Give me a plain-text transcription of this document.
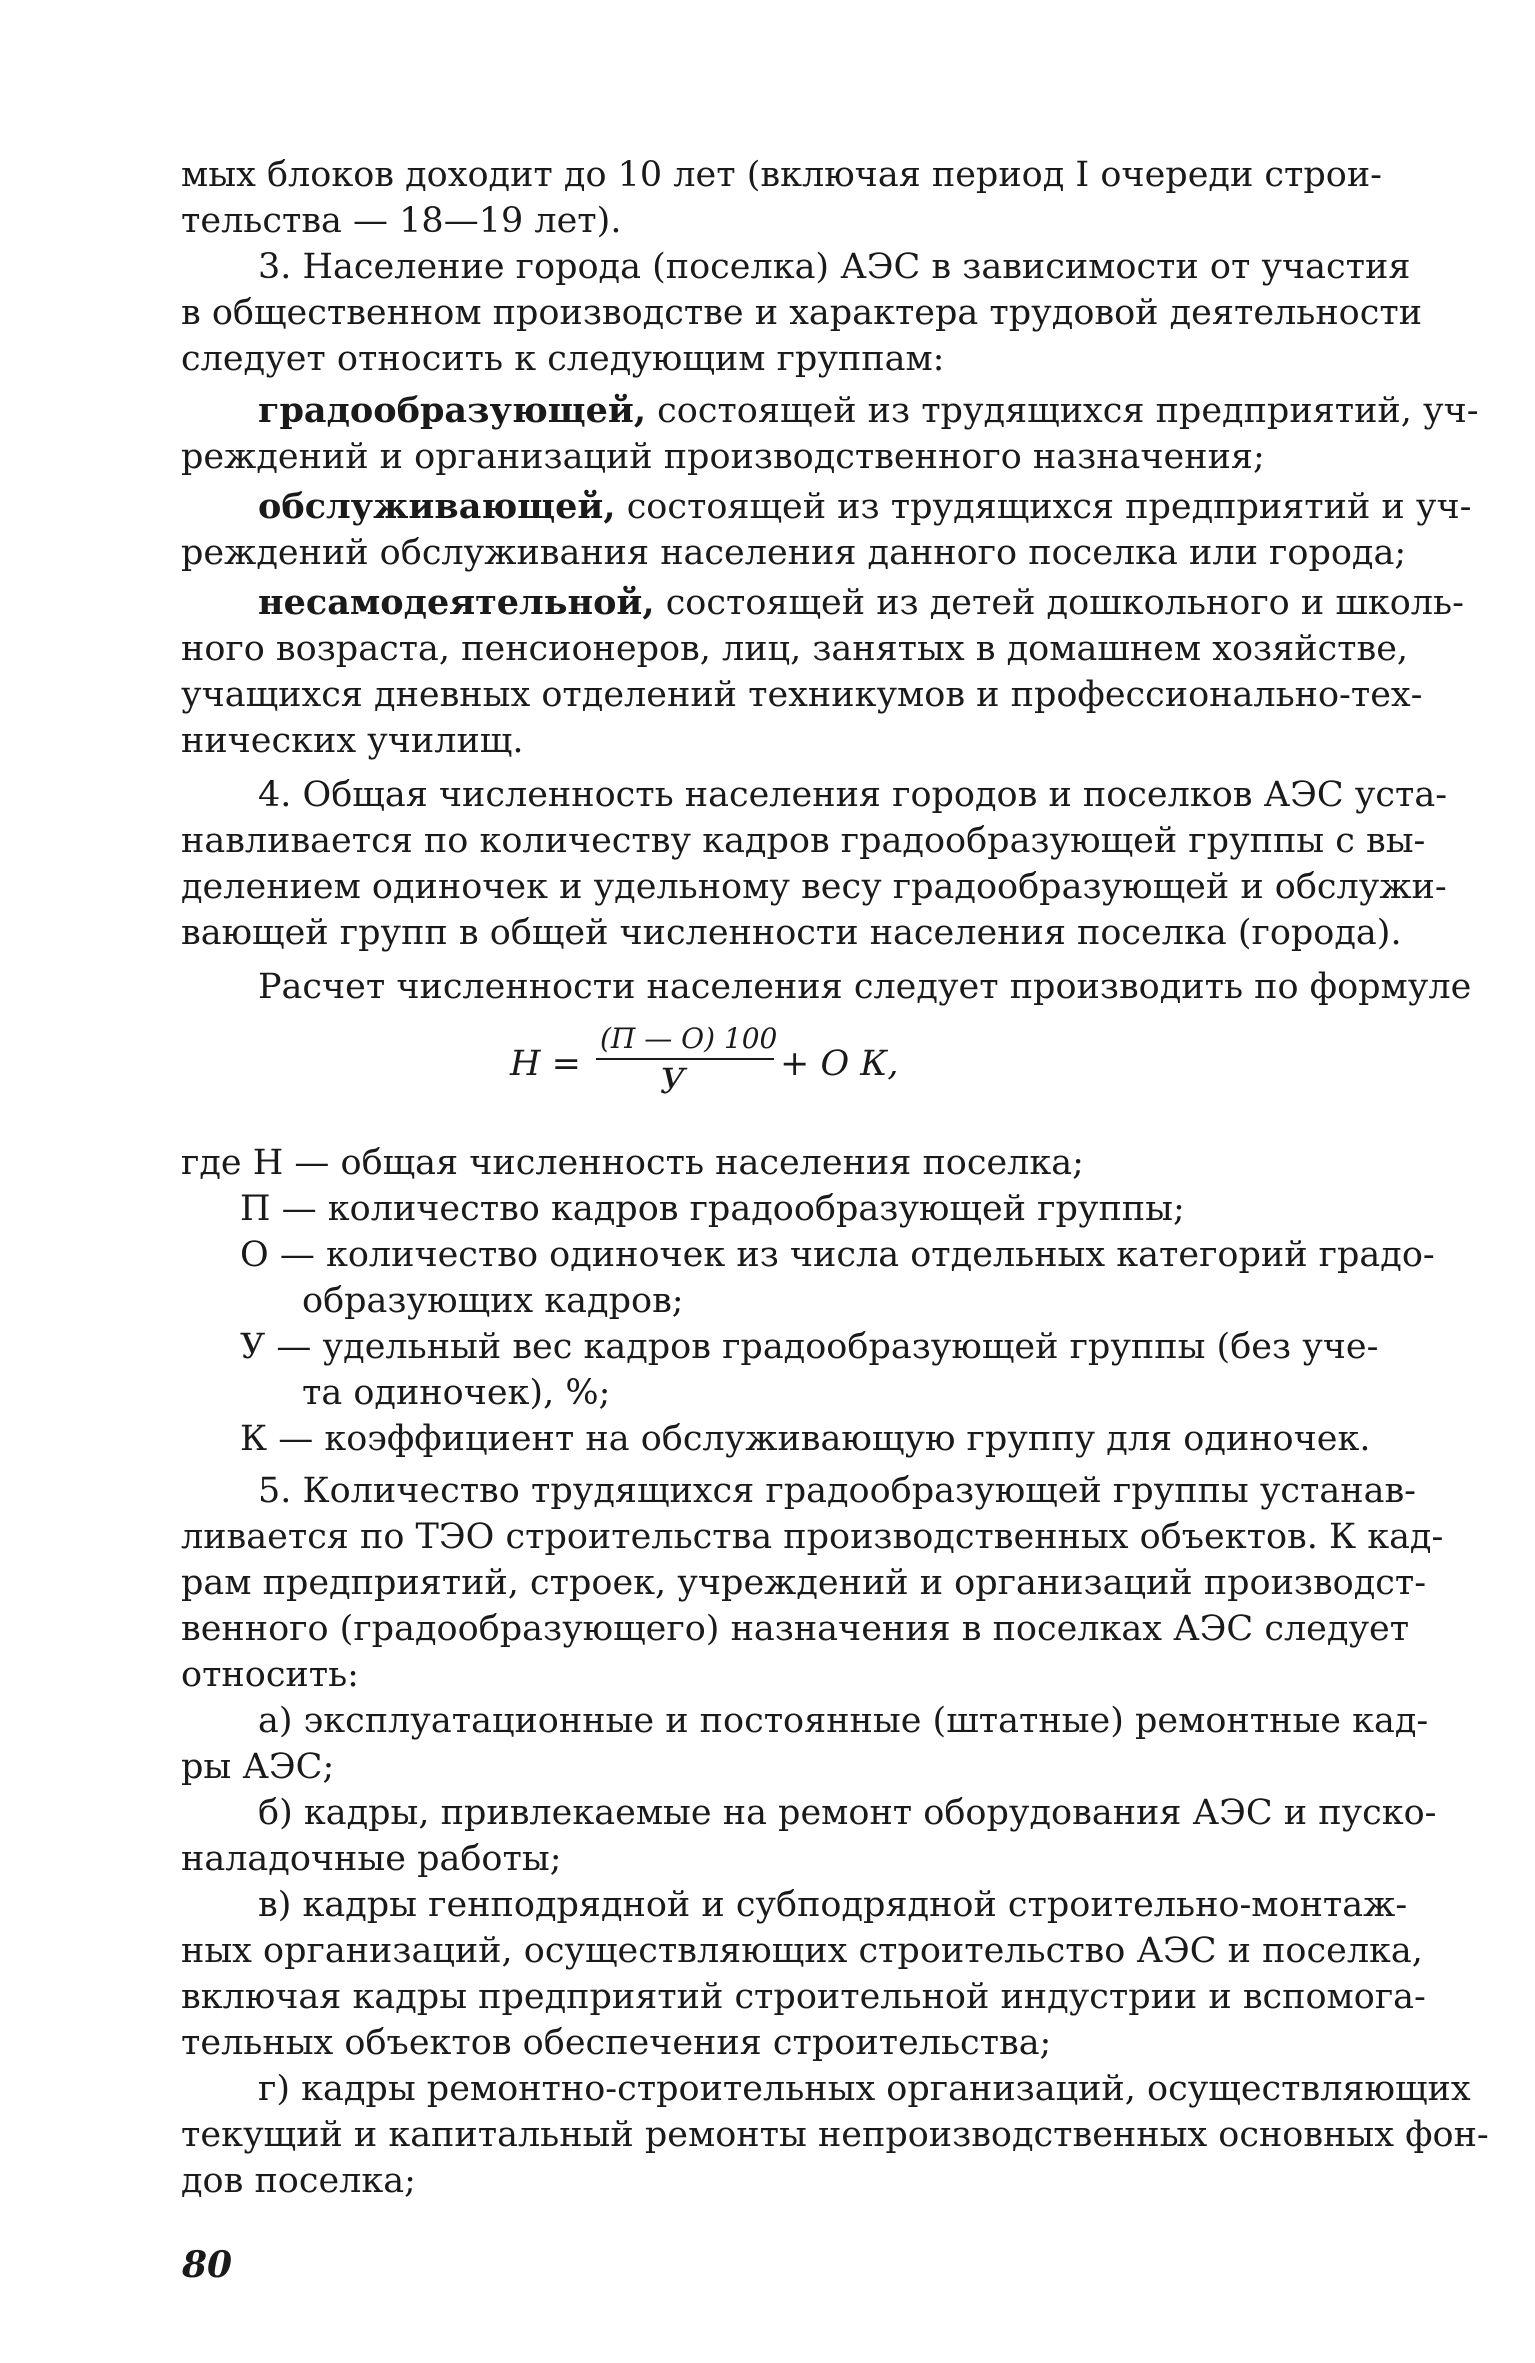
мых блоков доходит до 10 лет (включая период I очереди строи-
тельства — 18—19 лет).
3. Население города (поселка) АЭС в зависимости от участия
в общественном производстве и характера трудовой деятельности
следует относить к следующим группам:
градообразующей, состоящей из трудящихся предприятий, уч-
реждений и организаций производственного назначения;
обслуживающей, состоящей из трудящихся предприятий и уч-
реждений обслуживания населения данного поселка или города;
несамодеятельной, состоящей из детей дошкольного и школь-
ного возраста, пенсионеров, лиц, занятых в домашнем хозяйстве,
учащихся дневных отделений техникумов и профессионально-тех-
нических училищ.
4. Общая численность населения городов и поселков АЭС уста-
навливается по количеству кадров градообразующей группы с вы-
делением одиночек и удельному весу градообразующей и обслужи-
вающей групп в общей численности населения поселка (города).
Расчет численности населения следует производить по формуле
Н =
(П — О) 100
У	+ О К,
где Н — общая численность населения поселка;
П — количество кадров градообразующей группы;
О — количество одиночек из числа отдельных категорий градо-
образующих кадров;
У — удельный вес кадров градообразующей группы (без уче-
та одиночек), %;
К — коэффициент на обслуживающую группу для одиночек.
5. Количество трудящихся градообразующей группы устанав-
ливается по ТЭО строительства производственных объектов. К кад-
рам предприятий, строек, учреждений и организаций производст-
венного (градообразующего) назначения в поселках АЭС следует
относить:
а) эксплуатационные и постоянные (штатные) ремонтные кад-
ры АЭС;
б) кадры, привлекаемые на ремонт оборудования АЭС и пуско-
наладочные работы;
в) кадры генподрядной и субподрядной строительно-монтаж-
ных организаций, осуществляющих строительство АЭС и поселка,
включая кадры предприятий строительной индустрии и вспомога-
тельных объектов обеспечения строительства;
г) кадры ремонтно-строительных организаций, осуществляющих
текущий и капитальный ремонты непроизводственных основных фон-
дов поселка;
80
